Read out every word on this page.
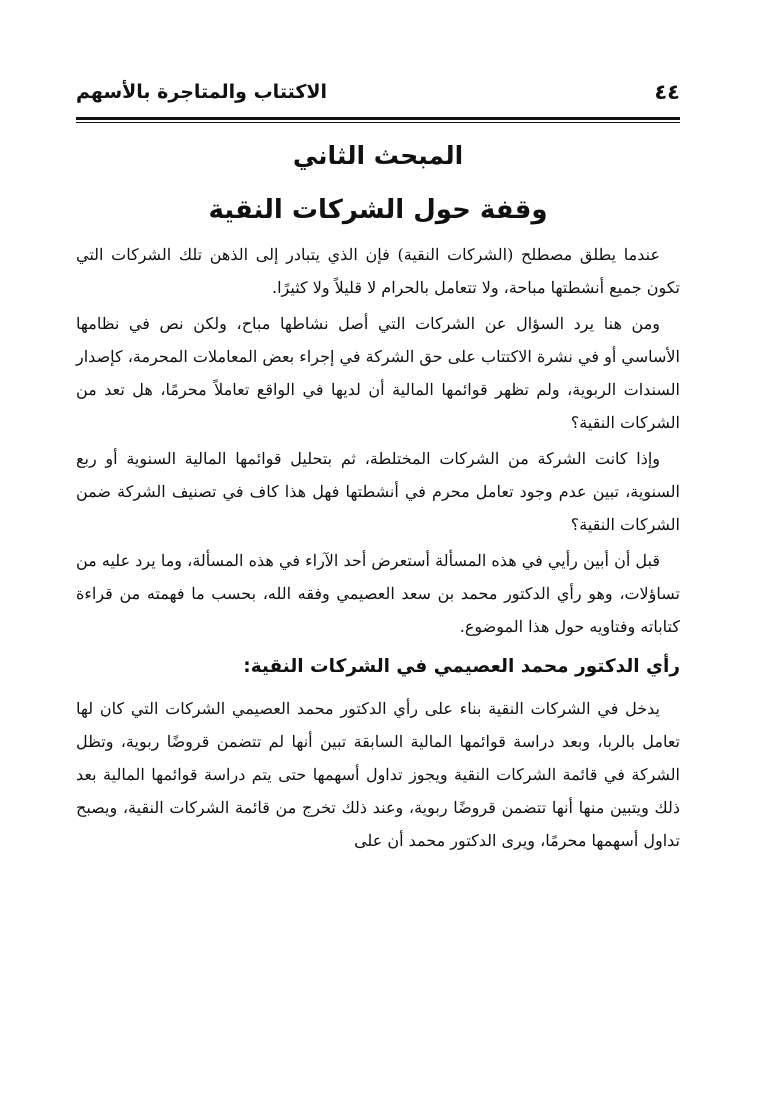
٤٤
الاكتتاب والمتاجرة بالأسهم
المبحث الثاني
وقفة حول الشركات النقية

عندما يطلق مصطلح (الشركات النقية) فإن الذي يتبادر إلى الذهن تلك الشركات التي تكون جميع أنشطتها مباحة، ولا تتعامل بالحرام لا قليلاً ولا كثيرًا.

ومن هنا يرد السؤال عن الشركات التي أصل نشاطها مباح، ولكن نص في نظامها الأساسي أو في نشرة الاكتتاب على حق الشركة في إجراء بعض المعاملات المحرمة، كإصدار السندات الربوية، ولم تظهر قوائمها المالية أن لديها في الواقع تعاملاً محرمًا، هل تعد من الشركات النقية؟

وإذا كانت الشركة من الشركات المختلطة، ثم بتحليل قوائمها المالية السنوية أو ربع السنوية، تبين عدم وجود تعامل محرم في أنشطتها فهل هذا كاف في تصنيف الشركة ضمن الشركات النقية؟

قبل أن أبين رأيي في هذه المسألة أستعرض أحد الآراء في هذه المسألة، وما يرد عليه من تساؤلات، وهو رأي الدكتور محمد بن سعد العصيمي وفقه الله، بحسب ما فهمته من قراءة كتاباته وفتاويه حول هذا الموضوع.

رأي الدكتور محمد العصيمي في الشركات النقية:

يدخل في الشركات النقية بناء على رأي الدكتور محمد العصيمي الشركات التي كان لها تعامل بالربا، وبعد دراسة قوائمها المالية السابقة تبين أنها لم تتضمن قروضًا ربوية، وتظل الشركة في قائمة الشركات النقية ويجوز تداول أسهمها حتى يتم دراسة قوائمها المالية بعد ذلك ويتبين منها أنها تتضمن قروضًا ربوية، وعند ذلك تخرج من قائمة الشركات النقية، ويصبح تداول أسهمها محرمًا، ويرى الدكتور محمد أن على
